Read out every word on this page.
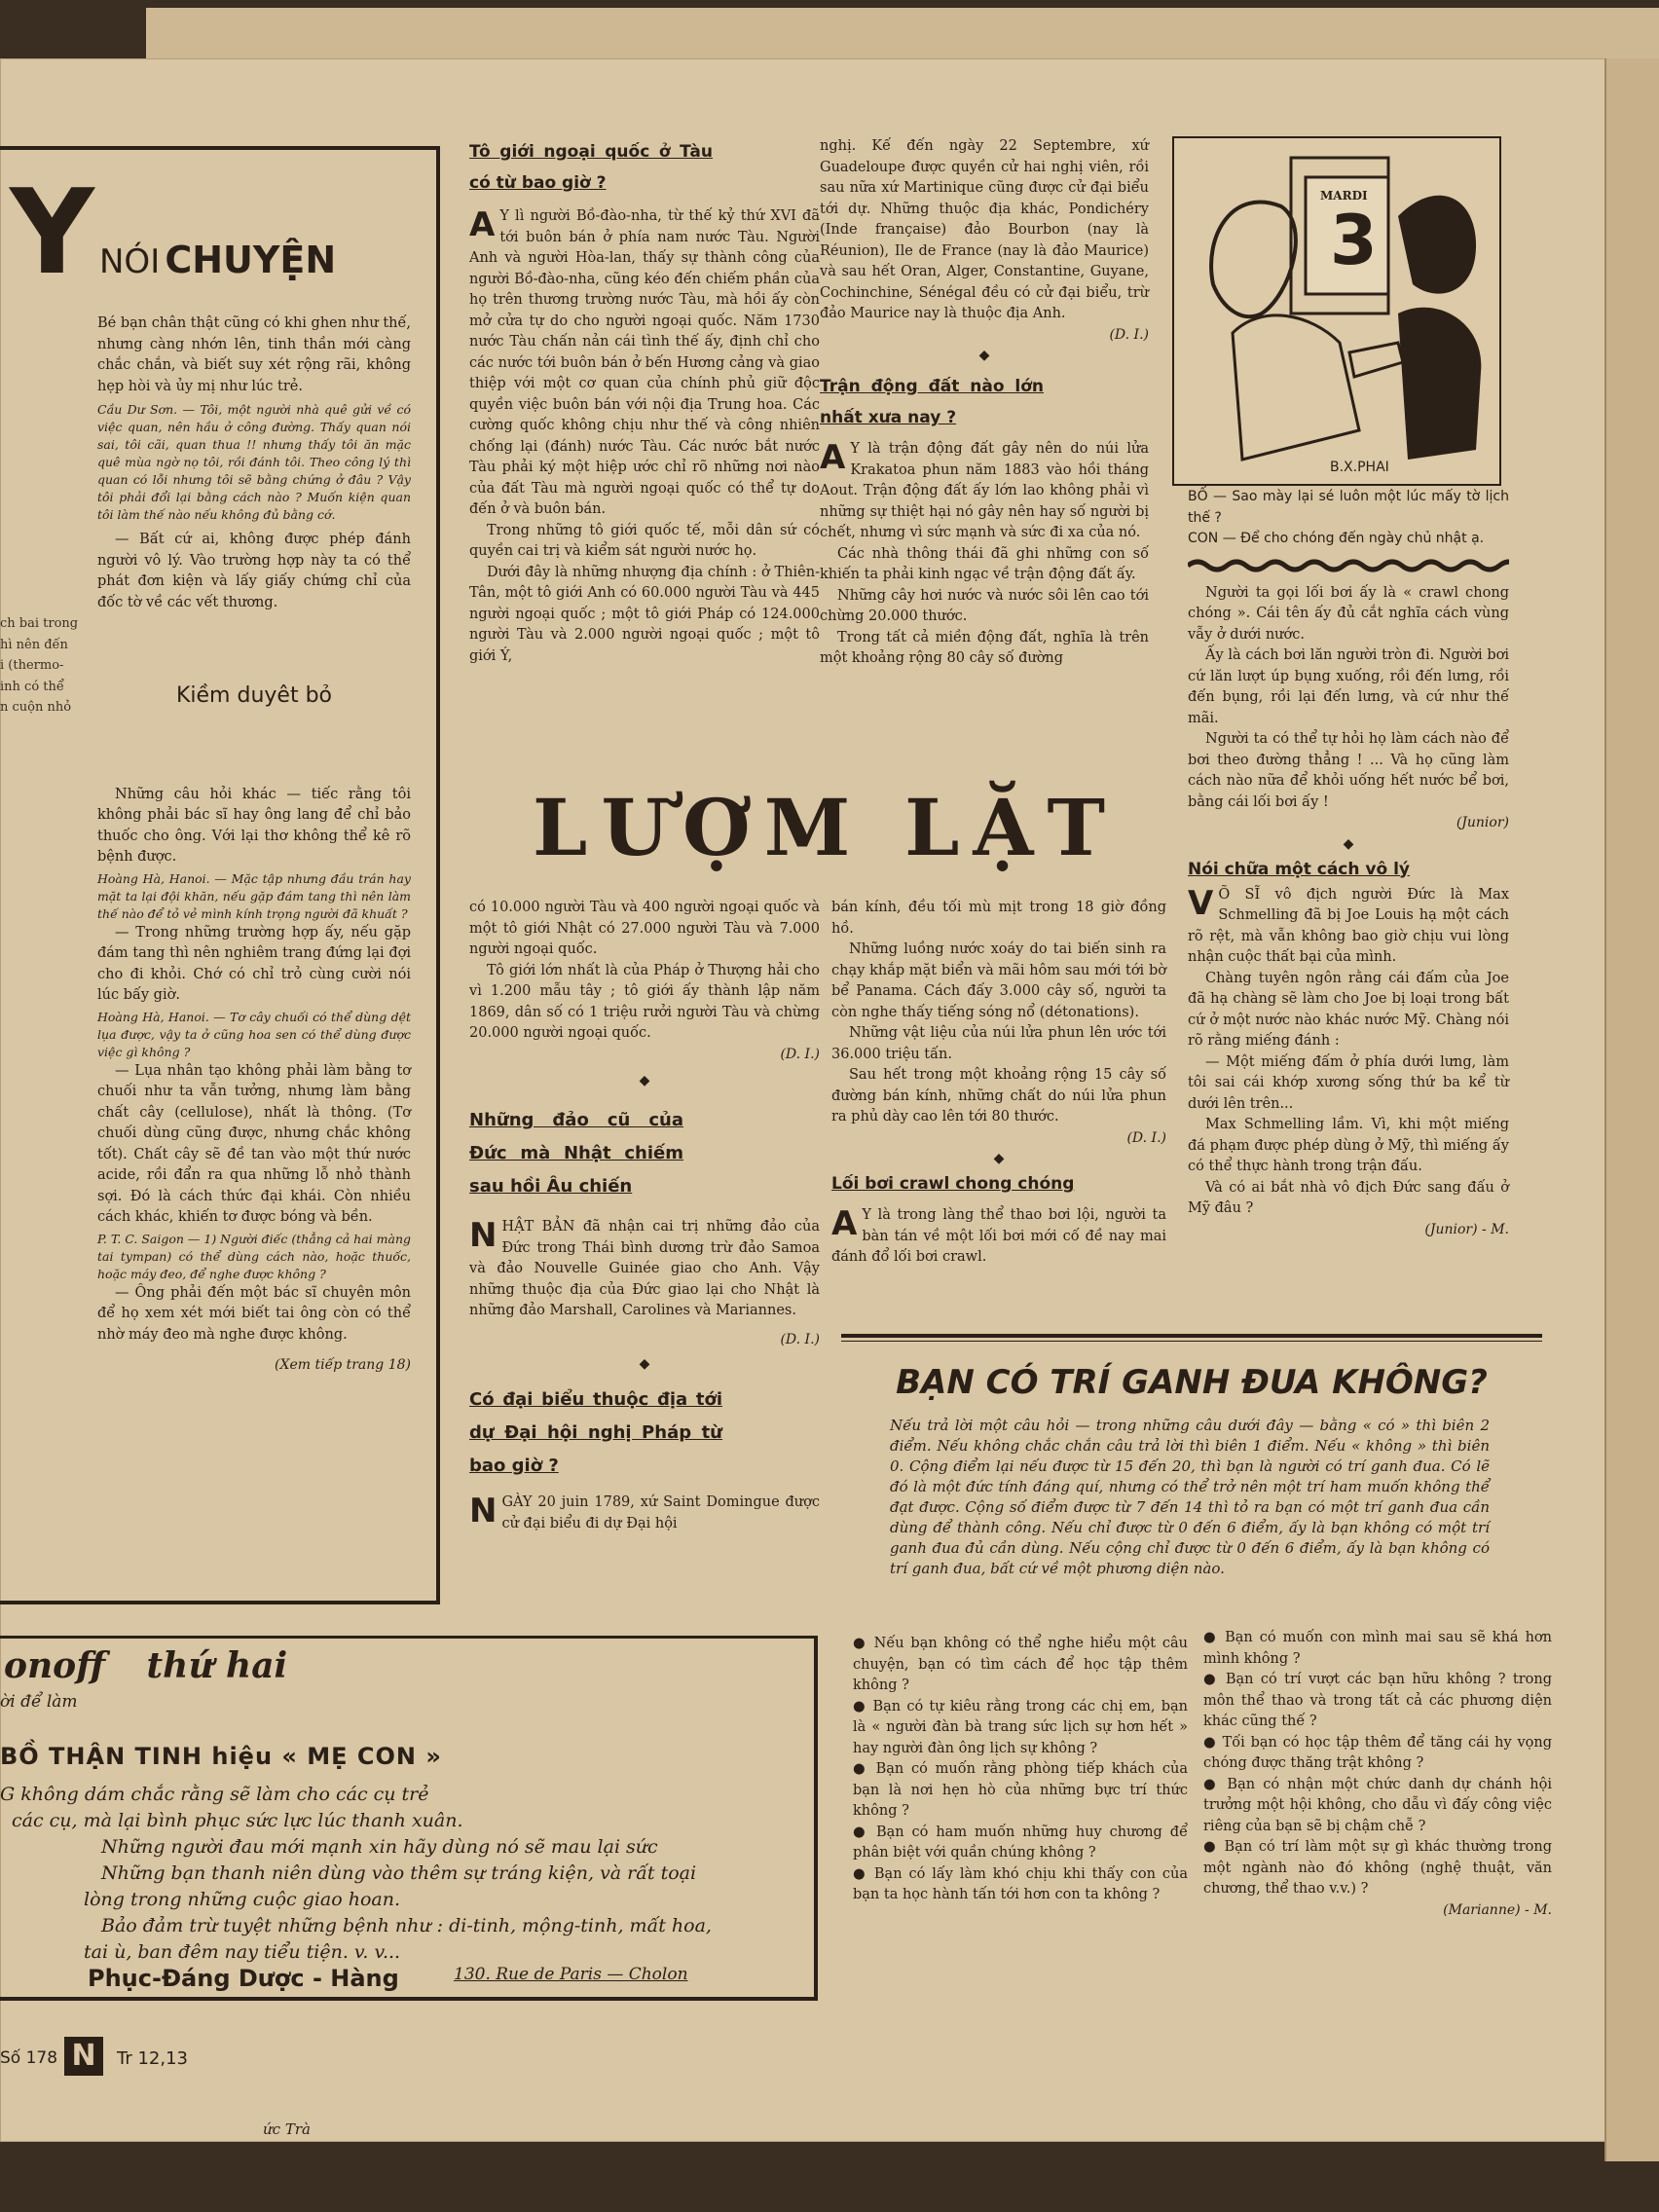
Y NÓI CHUYỆN

Bé bạn chân thật cũng có khi ghen như thế, nhưng càng nhớn lên, tinh thần mới càng chắc chắn, và biết suy xét rộng rãi, không hẹp hòi và ủy mị như lúc trẻ.

Cầu Dư Sơn. — Tôi, một người nhà quê gửi về có việc quan, nên hầu ở công đường. Thấy quan nói sai, tôi cãi, quan thua !! nhưng thấy tôi ăn mặc quê mùa ngờ nọ tôi, rồi đánh tôi. Theo công lý thì quan có lỗi nhưng tôi sẽ bằng chứng ở đâu ? Vậy tôi phải đổi lại bằng cách nào ? Muốn kiện quan tôi làm thế nào nếu không đủ bằng cớ.

— Bất cứ ai, không được phép đánh người vô lý. Vào trường hợp này ta có thể phát đơn kiện và lấy giấy chứng chỉ của đốc tờ về các vết thương.

Kiềm duyêt bỏ

Những câu hỏi khác — tiếc rằng tôi không phải bác sĩ hay ông lang để chỉ bảo thuốc cho ông. Với lại thơ không thể kê rõ bệnh được.

Hoàng Hà, Hanoi. — Mặc tập nhưng đầu trán hay mặt ta lại đội khăn, nếu gặp đám tang thì nên làm thế nào để tỏ vẻ mình kính trọng người đã khuất ?

— Trong những trường hợp ấy, nếu gặp đám tang thì nên nghiêm trang đứng lại đợi cho đi khỏi. Chớ có chỉ trỏ cùng cười nói lúc bấy giờ.

Hoàng Hà, Hanoi. — Tơ cây chuối có thể dùng dệt lụa được, vậy ta ở cũng hoa sen có thể dùng được việc gì không ?

— Lụa nhân tạo không phải làm bằng tơ chuối như ta vẫn tưởng, nhưng làm bằng chất cây (cellulose), nhất là thông. (Tơ chuối dùng cũng được, nhưng chắc không tốt). Chất cây sẽ đề tan vào một thứ nước acide, rồi đẩn ra qua những lỗ nhỏ thành sợi. Đó là cách thức đại khái. Còn nhiều cách khác, khiến tơ được bóng và bền.

P. T. C. Saigon — 1) Người điếc (thẳng cả hai màng tai tympan) có thể dùng cách nào, hoặc thuốc, hoặc máy đeo, để nghe được không ?

— Ông phải đến một bác sĩ chuyên môn để họ xem xét mới biết tai ông còn có thể nhờ máy đeo mà nghe được không.

(Xem tiếp trang 18)

ch bai trong
hì nên đến
i (thermo-
inh có thể
n cuộn nhỏ
Tô giới ngoại quốc ở Tàu có từ bao giờ ?

A Y lì người Bồ-đào-nha, từ thế kỷ thứ XVI đã tới buôn bán ở phía nam nước Tàu. Người Anh và người Hòa-lan, thấy sự thành công của người Bồ-đào-nha, cũng kéo đến chiếm phần của họ trên thương trường nước Tàu, mà hồi ấy còn mở cửa tự do cho người ngoại quốc. Năm 1730 nước Tàu chấn nản cái tình thế ấy, định chỉ cho các nước tới buôn bán ở bến Hương cảng và giao thiệp với một cơ quan của chính phủ giữ độc quyền việc buôn bán với nội địa Trung hoa. Các cường quốc không chịu như thế và công nhiên chống lại (đánh) nước Tàu. Các nước bắt nước Tàu phải ký một hiệp ước chỉ rõ những nơi nào của đất Tàu mà người ngoại quốc có thể tự do đến ở và buôn bán.

Trong những tô giới quốc tế, mỗi dân sứ có quyền cai trị và kiểm sát người nước họ.

Dưới đây là những nhượng địa chính : ở Thiên-Tân, một tô giới Anh có 60.000 người Tàu và 445 người ngoại quốc ; một tô giới Pháp có 124.000 người Tàu và 2.000 người ngoại quốc ; một tô giới Ý,

nghị. Kế đến ngày 22 Septembre, xứ Guadeloupe được quyền cử hai nghị viên, rồi sau nữa xứ Martinique cũng được cử đại biểu tới dự. Những thuộc địa khác, Pondichéry (Inde française) đảo Bourbon (nay là Réunion), Ile de France (nay là đảo Maurice) và sau hết Oran, Alger, Constantine, Guyane, Cochinchine, Sénégal đều có cử đại biểu, trừ đảo Maurice nay là thuộc địa Anh.

(D. I.)

◆
Trận động đất nào lớn nhất xưa nay ?

A Y là trận động đất gây nên do núi lửa Krakatoa phun năm 1883 vào hồi tháng Aout. Trận động đất ấy lớn lao không phải vì những sự thiệt hại nó gây nên hay số người bị chết, nhưng vì sức mạnh và sức đi xa của nó.

Các nhà thông thái đã ghi những con số khiến ta phải kinh ngạc về trận động đất ấy.

Những cây hơi nước và nước sôi lên cao tới chừng 20.000 thước.

Trong tất cả miền động đất, nghĩa là trên một khoảng rộng 80 cây số đường

MARDI
3
B.X.PHAI

BỐ — Sao mày lại sé luôn một lúc mấy tờ lịch thế ?

CON — Để cho chóng đến ngày chủ nhật ạ.

Người ta gọi lối bơi ấy là « crawl chong chóng ». Cái tên ấy đủ cắt nghĩa cách vùng vẫy ở dưới nước.

Ấy là cách bơi lăn người tròn đi. Người bơi cứ lăn lượt úp bụng xuống, rồi đến lưng, rồi đến bụng, rồi lại đến lưng, và cứ như thế mãi.

Người ta có thể tự hỏi họ làm cách nào để bơi theo đường thẳng ! ... Và họ cũng làm cách nào nữa để khỏi uống hết nước bể bơi, bằng cái lối bơi ấy !

(Junior)

◆
Nói chữa một cách vô lý

V Õ SĨ vô địch người Đức là Max Schmelling đã bị Joe Louis hạ một cách rõ rệt, mà vẫn không bao giờ chịu vui lòng nhận cuộc thất bại của mình.

Chàng tuyên ngôn rằng cái đấm của Joe đã hạ chàng sẽ làm cho Joe bị loại trong bất cứ ở một nước nào khác nước Mỹ. Chàng nói rõ rằng miếng đánh :

— Một miếng đấm ở phía dưới lưng, làm tôi sai cái khớp xương sống thứ ba kể từ dưới lên trên...

Max Schmelling lầm. Vì, khi một miếng đá phạm được phép dùng ở Mỹ, thì miếng ấy có thể thực hành trong trận đấu.

Và có ai bắt nhà vô địch Đức sang đấu ở Mỹ đâu ?

(Junior) - M.

LƯỢM LẶT

có 10.000 người Tàu và 400 người ngoại quốc và một tô giới Nhật có 27.000 người Tàu và 7.000 người ngoại quốc.

Tô giới lớn nhất là của Pháp ở Thượng hải cho vì 1.200 mẫu tây ; tô giới ấy thành lập năm 1869, dân số có 1 triệu rưởi người Tàu và chừng 20.000 người ngoại quốc.

(D. I.)

◆
Những đảo cũ của Đức mà Nhật chiếm sau hồi Âu chiến

NHẬT BẢN đã nhận cai trị những đảo của Đức trong Thái bình dương trừ đảo Samoa và đảo Nouvelle Guinée giao cho Anh. Vậy những thuộc địa của Đức giao lại cho Nhật là những đảo Marshall, Carolines và Mariannes.

(D. I.)

◆
Có đại biểu thuộc địa tới dự Đại hội nghị Pháp từ bao giờ ?

NGÀY 20 juin 1789, xứ Saint Domingue được cử đại biểu đi dự Đại hội

bán kính, đều tối mù mịt trong 18 giờ đồng hồ.

Những luồng nước xoáy do tai biến sinh ra chạy khắp mặt biển và mãi hôm sau mới tới bờ bể Panama. Cách đấy 3.000 cây số, người ta còn nghe thấy tiếng sóng nổ (détonations).

Những vật liệu của núi lửa phun lên ước tới 36.000 triệu tấn.

Sau hết trong một khoảng rộng 15 cây số đường bán kính, những chất do núi lửa phun ra phủ dày cao lên tới 80 thước.

(D. I.)

◆
Lối bơi crawl chong chóng

A Y là trong làng thể thao bơi lội, người ta bàn tán về một lối bơi mới cố đề nay mai đánh đổ lối bơi crawl.

BẠN CÓ TRÍ GANH ĐUA KHÔNG?
Nếu trả lời một câu hỏi — trong những câu dưới đây — bằng « có » thì biên 2 điểm. Nếu không chắc chắn câu trả lời thì biên 1 điểm. Nếu « không » thì biên 0. Cộng điểm lại nếu được từ 15 đến 20, thì bạn là người có trí ganh đua. Có lẽ đó là một đức tính đáng quí, nhưng có thể trở nên một trí ham muốn không thể đạt được. Cộng số điểm được từ 7 đến 14 thì tỏ ra bạn có một trí ganh đua cần dùng để thành công. Nếu chỉ được từ 0 đến 6 điểm, ấy là bạn không có một trí ganh đua đủ cần dùng. Nếu cộng chỉ được từ 0 đến 6 điểm, ấy là bạn không có trí ganh đua, bất cứ về một phương diện nào.

● Nếu bạn không có thể nghe hiểu một câu chuyện, bạn có tìm cách để học tập thêm không ?

● Bạn có tự kiêu rằng trong các chị em, bạn là « người đàn bà trang sức lịch sự hơn hết » hay người đàn ông lịch sự không ?

● Bạn có muốn rằng phòng tiếp khách của bạn là nơi hẹn hò của những bực trí thức không ?

● Bạn có ham muốn những huy chương để phân biệt với quần chúng không ?

● Bạn có lấy làm khó chịu khi thấy con của bạn ta học hành tấn tới hơn con ta không ?

● Bạn có muốn con mình mai sau sẽ khá hơn mình không ?

● Bạn có trí vượt các bạn hữu không ? trong môn thể thao và trong tất cả các phương diện khác cũng thế ?

● Tối bạn có học tập thêm để tăng cái hy vọng chóng được thăng trật không ?

● Bạn có nhận một chức danh dự chánh hội trưởng một hội không, cho dẫu vì đấy công việc riêng của bạn sẽ bị chậm chễ ?

● Bạn có trí làm một sự gì khác thường trong một ngành nào đó không (nghệ thuật, văn chương, thể thao v.v.) ?

(Marianne) - M.

onoff thứ hai
ời để làm
BỒ THẬN TINH hiệu « MẸ CON »
G không dám chắc rằng sẽ làm cho các cụ trẻ
các cụ, mà lại bình phục sức lực lúc thanh xuân.
Những người đau mới mạnh xin hãy dùng nó sẽ mau lại sức
Những bạn thanh niên dùng vào thêm sự tráng kiện, và rất toại
lòng trong những cuộc giao hoan.
Bảo đảm trừ tuyệt những bệnh như : di-tinh, mộng-tinh, mất hoa,
tai ù, ban đêm nay tiểu tiện. v. v...
Phục-Đáng Dược - Hàng	130. Rue de Paris — Cholon
Số 178 N	Tr 12,13
ức Trà
